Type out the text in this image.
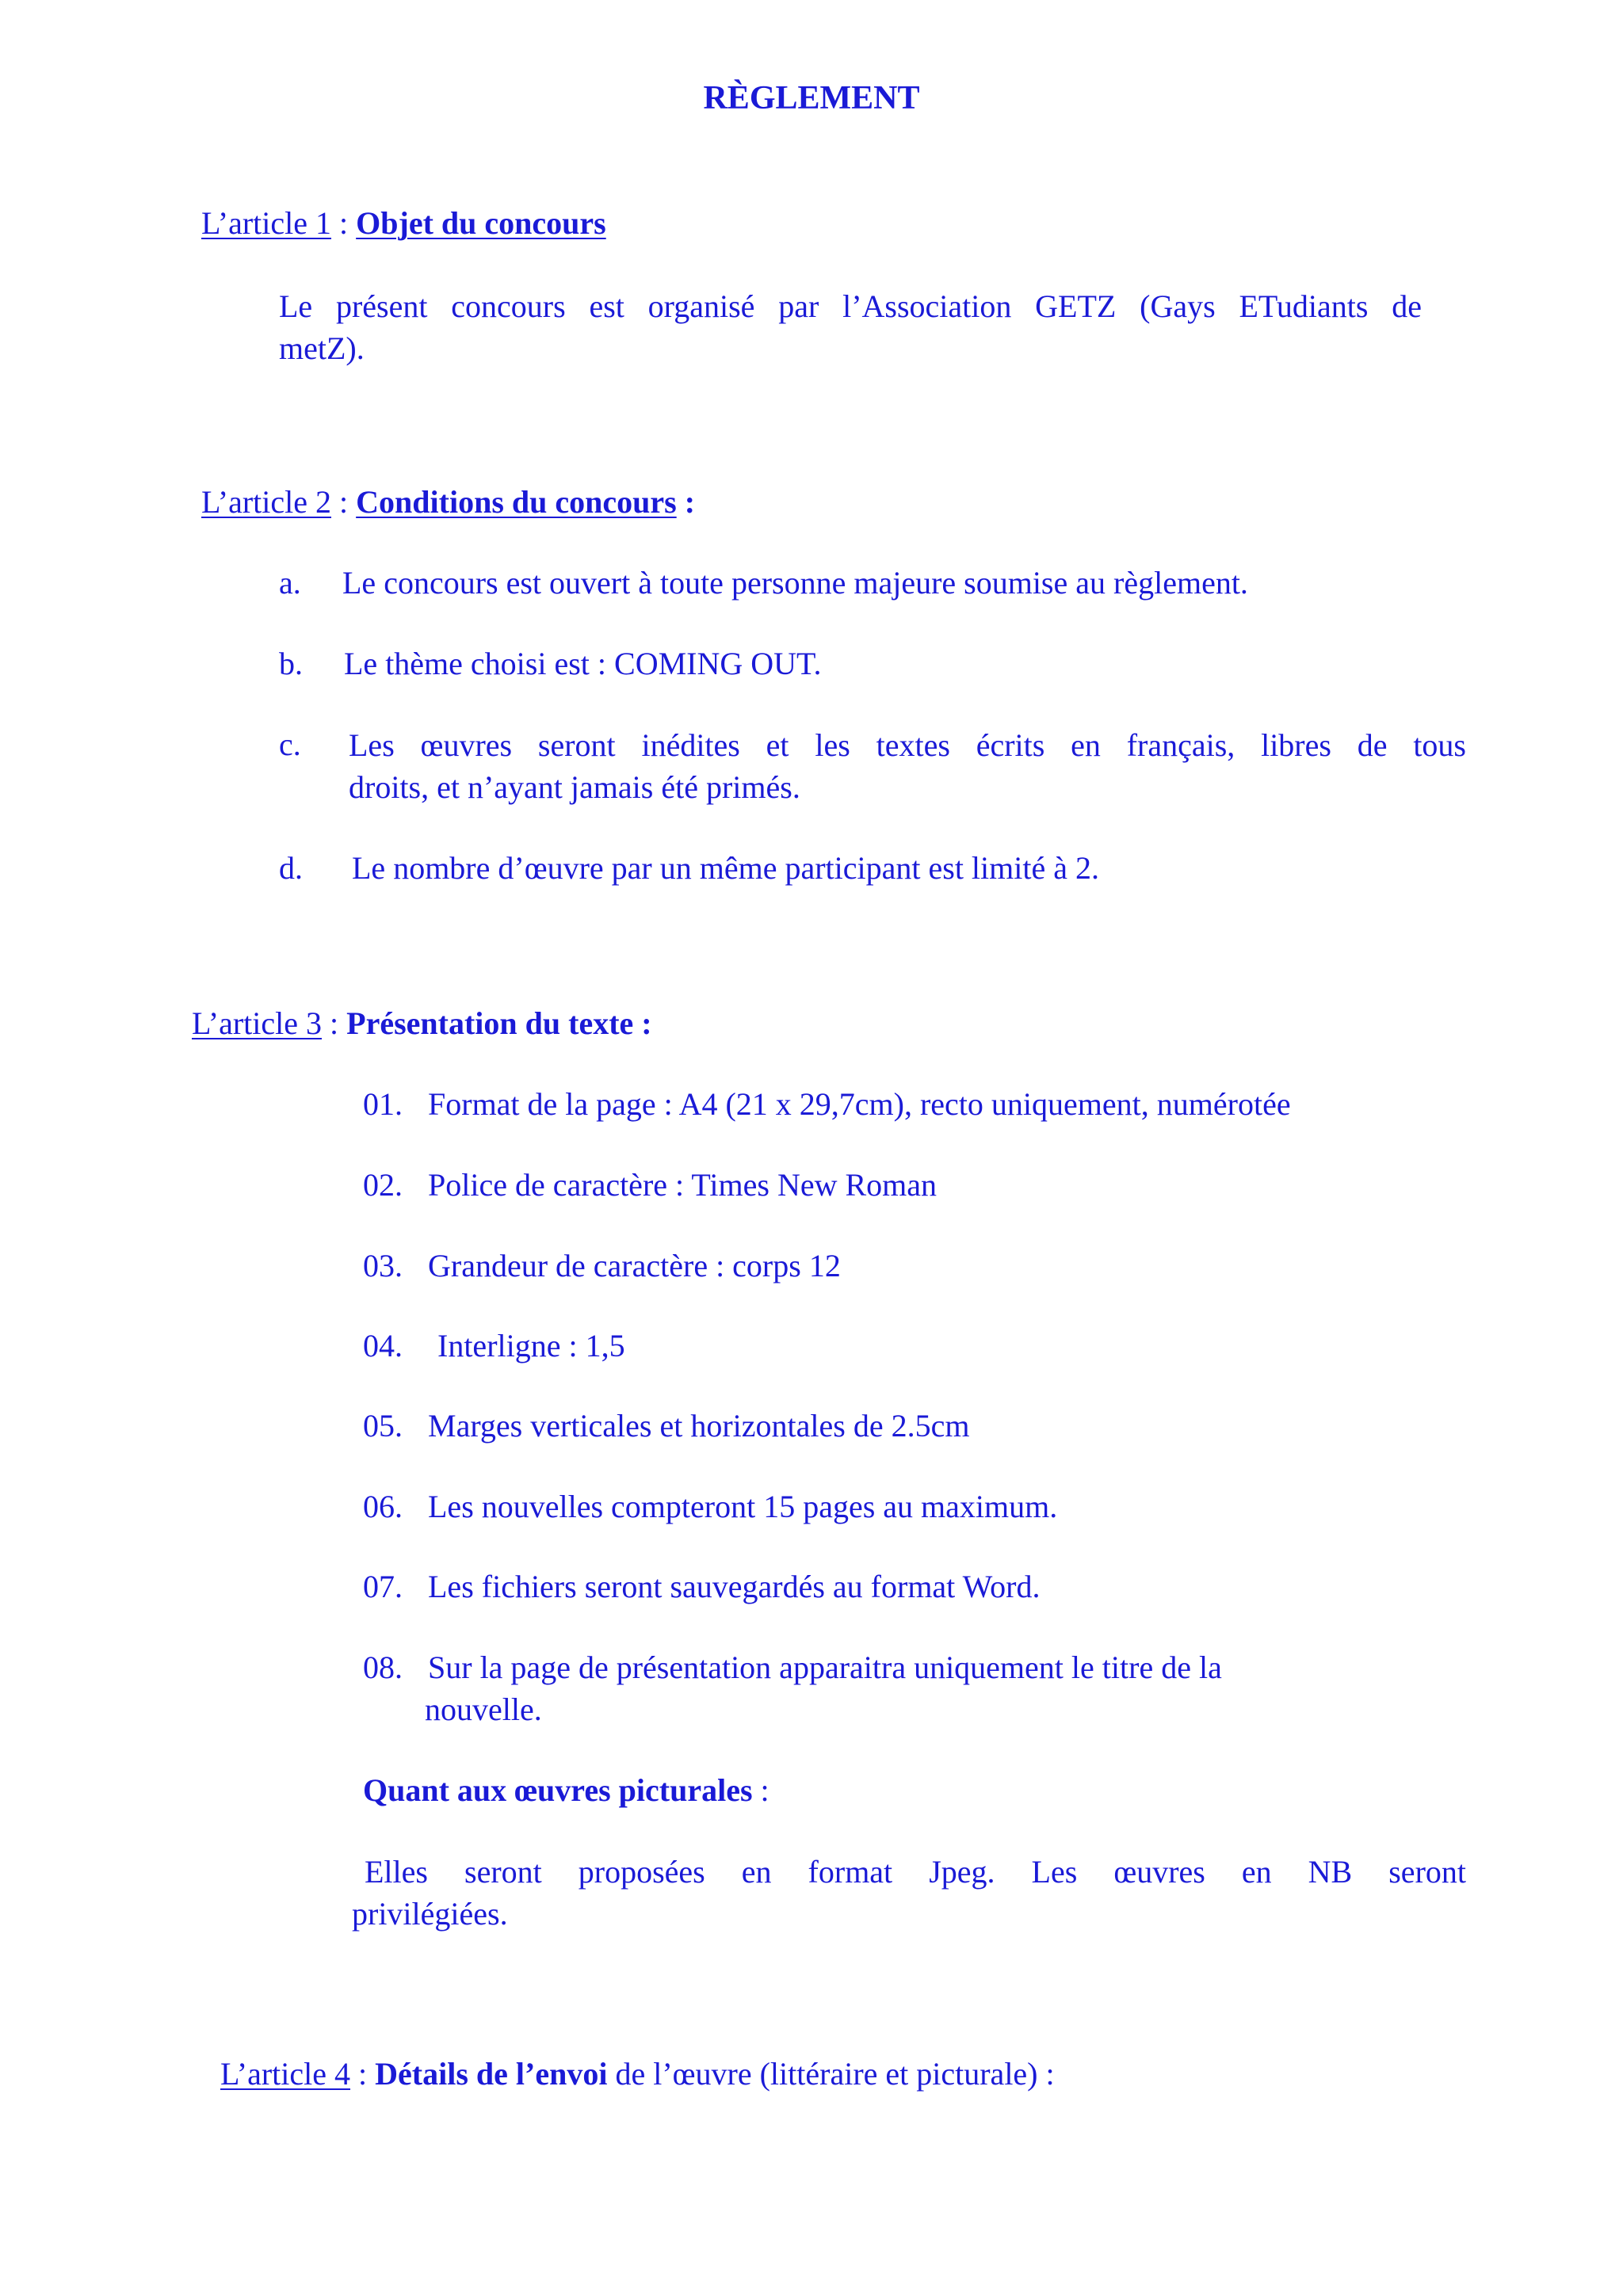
RÈGLEMENT
L’article 1 : Objet du concours
Le présent concours est organisé par l’Association GETZ (Gays ETudiants de
metZ).
L’article 2 : Conditions du concours :
a. Le concours est ouvert à toute personne majeure soumise au règlement.
b. Le thème choisi est : COMING OUT.
c. Les œuvres seront inédites et les textes écrits en français, libres de tous
droits, et n’ayant jamais été primés.
d. Le nombre d’œuvre par un même participant est limité à 2.
L’article 3 : Présentation du texte :
01. Format de la page : A4 (21 x 29,7cm), recto uniquement, numérotée
02. Police de caractère : Times New Roman
03. Grandeur de caractère : corps 12
04. Interligne : 1,5
05. Marges verticales et horizontales de 2.5cm
06. Les nouvelles compteront 15 pages au maximum.
07. Les fichiers seront sauvegardés au format Word.
08. Sur la page de présentation apparaitra uniquement le titre de la
nouvelle.
Quant aux œuvres picturales :
Elles seront proposées en format Jpeg. Les œuvres en NB seront
privilégiées.
L’article 4 : Détails de l’envoi de l’œuvre (littéraire et picturale) :
